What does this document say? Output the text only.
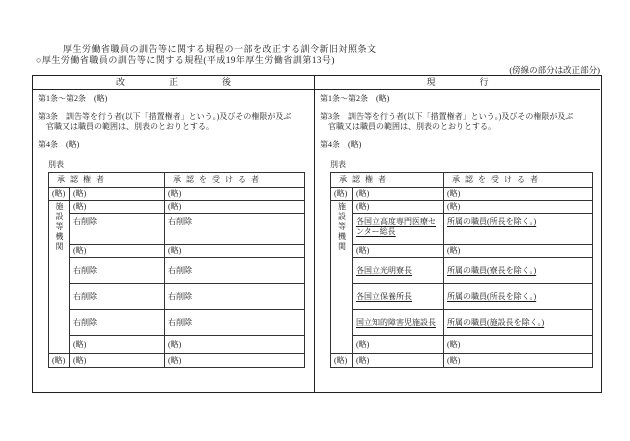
厚生労働省職員の訓告等に関する規程の一部を改正する訓令新旧対照条文
○厚生労働省職員の訓告等に関する規程(平成19年厚生労働省訓第13号)
(傍線の部分は改正部分)
改正後	現行
第1条～第2条　(略)
第3条　訓告等を行う者(以下「措置権者」という。)及びその権限が及ぶ
官職又は職員の範囲は、別表のとおりとする。
第4条　(略)
別表
承認権者		承認を受ける者
(略)	(略)	(略)
施設等機関	(略)	(略)
	右削除	右削除
	(略)	(略)
	右削除	右削除
	右削除	右削除
	右削除	右削除
	(略)	(略)
(略)	(略)	(略)
第1条～第2条　(略)
第3条　訓告等を行う者(以下「措置権者」という。)及びその権限が及ぶ
官職又は職員の範囲は、別表のとおりとする。
第4条　(略)
別表
承認権者		承認を受ける者
(略)	(略)	(略)
施設等機関	(略)	(略)
	各国立高度専門医療センター総長	所属の職員(所長を除く。)
	(略)	(略)
	各国立光明寮長	所属の職員(寮長を除く。)
	各国立保養所長	所属の職員(所長を除く。)
	国立知的障害児施設長	所属の職員(施設長を除く。)
	(略)	(略)
(略)	(略)	(略)
